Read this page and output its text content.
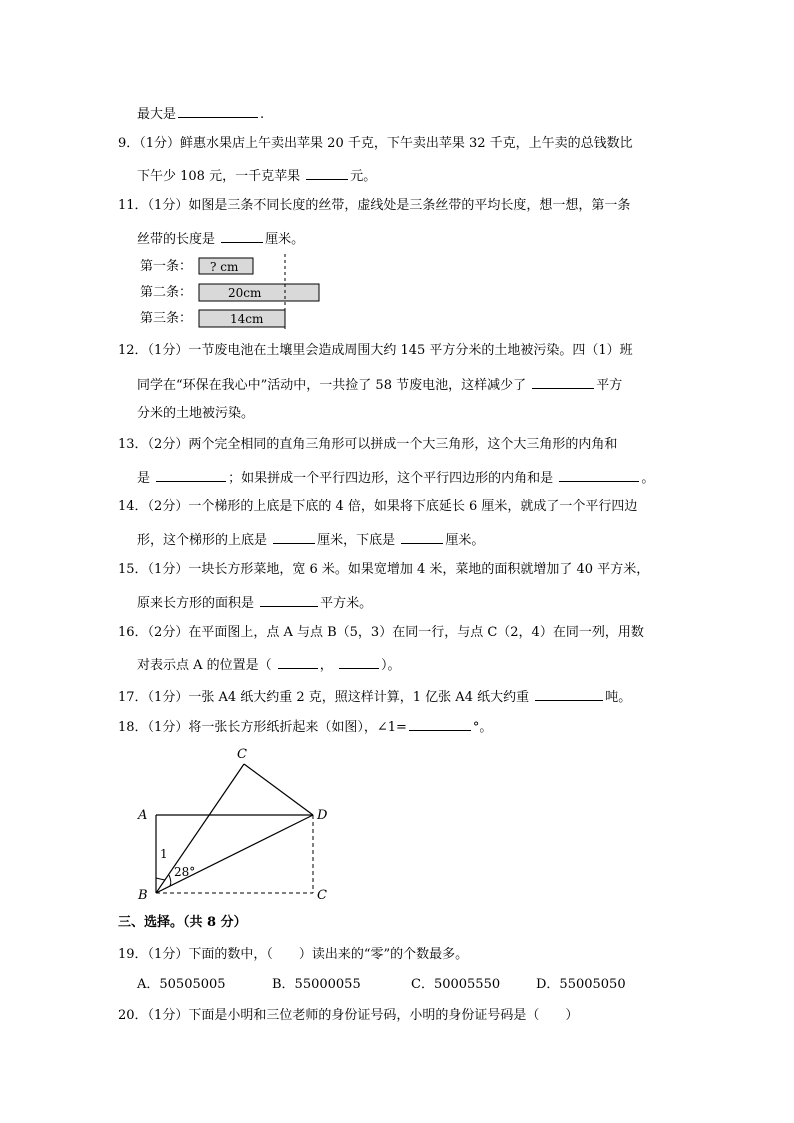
最大是	.
9．（1分）鲜惠水果店上午卖出苹果 20 千克，下午卖出苹果 32 千克，上午卖的总钱数比
下午少 108 元，一千克苹果	元。
11．（1分）如图是三条不同长度的丝带，虚线处是三条丝带的平均长度，想一想，第一条
丝带的长度是	厘米。
第一条：
第二条：
第三条：
? cm
20cm
14cm
12．（1分）一节废电池在土壤里会造成周围大约 145 平方分米的土地被污染。四（1）班
同学在“环保在我心中”活动中，一共捡了 58 节废电池，这样减少了	平方
分米的土地被污染。
13．（2分）两个完全相同的直角三角形可以拼成一个大三角形，这个大三角形的内角和
是	；如果拼成一个平行四边形，这个平行四边形的内角和是	。
14．（2分）一个梯形的上底是下底的 4 倍，如果将下底延长 6 厘米，就成了一个平行四边
形，这个梯形的上底是	厘米，下底是	厘米。
15．（1分）一块长方形菜地，宽 6 米。如果宽增加 4 米，菜地的面积就增加了 40 平方米，
原来长方形的面积是	平方米。
16．（2分）在平面图上，点 A 与点 B（5，3）在同一行，与点 C（2，4）在同一列，用数
对表示点 A 的位置是（	，	）。
17．（1分）一张 A4 纸大约重 2 克，照这样计算，1 亿张 A4 纸大约重	吨。
18．（1分）将一张长方形纸折起来（如图），∠1=	°。
C
A	D
B	C
1
28°
三、选择。（共 8 分）
19．（1分）下面的数中，（　　）读出来的“零”的个数最多。
A．50505005	B．55000055	C．50005550	D．55005050
20．（1分）下面是小明和三位老师的身份证号码，小明的身份证号码是（　　）
